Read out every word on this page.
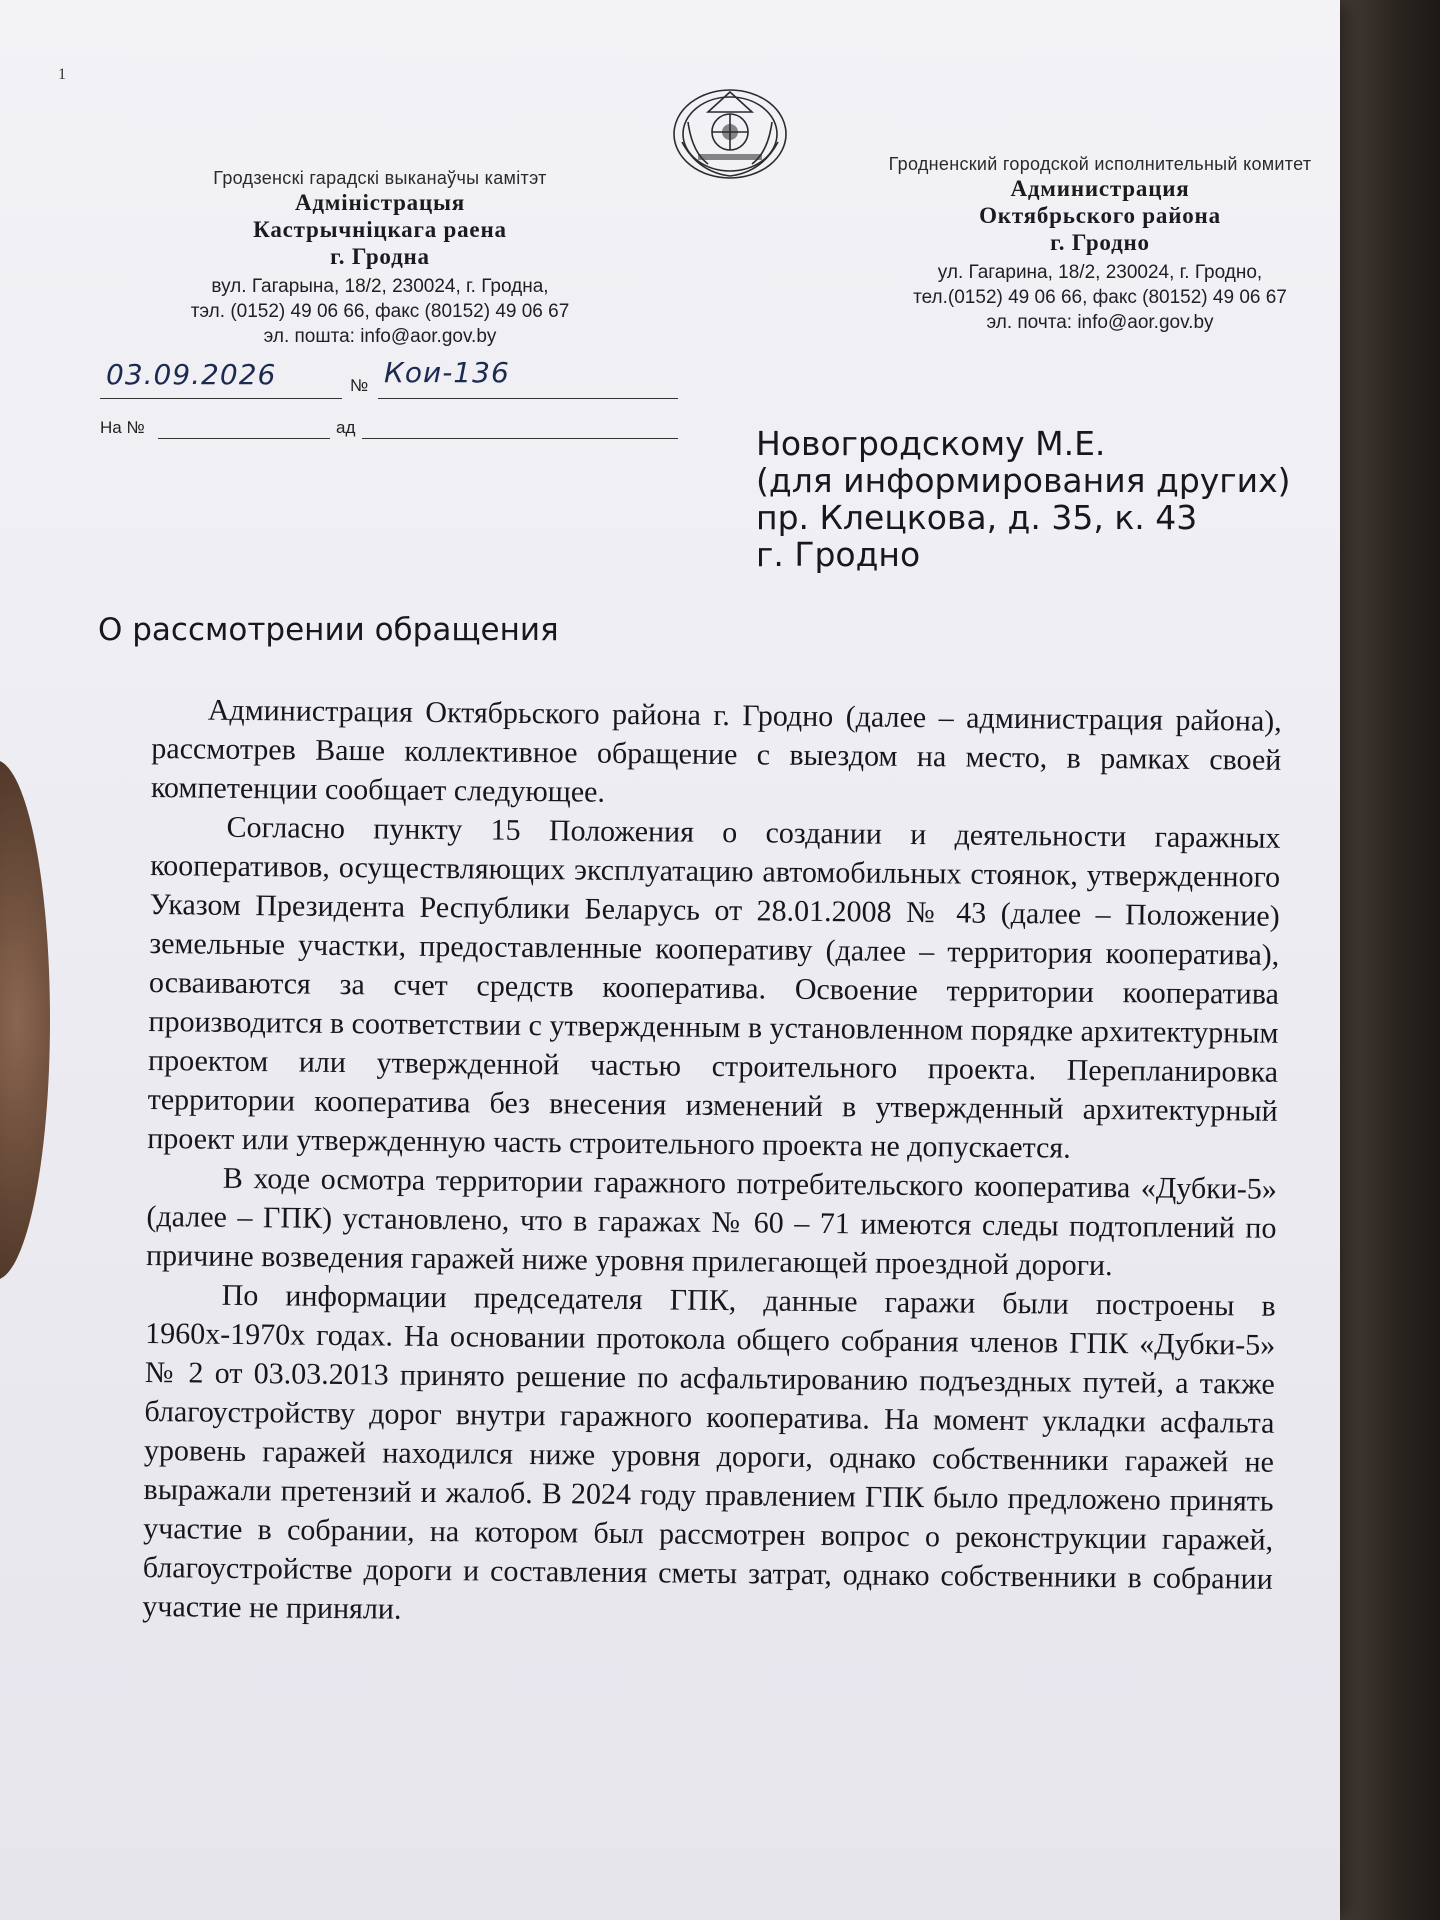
1
Гродзенскі гарадскі выканаўчы камітэт
Адміністрацыя
Кастрычніцкага раена
г. Гродна
вул. Гагарына, 18/2, 230024, г. Гродна,
тэл. (0152) 49 06 66, факс (80152) 49 06 67
эл. пошта: info@aor.gov.by
Гродненский городской исполнительный комитет
Администрация
Октябрьского района
г. Гродно
ул. Гагарина, 18/2, 230024, г. Гродно,
тел.(0152) 49 06 66, факс (80152) 49 06 67
эл. почта: info@aor.gov.by
03.09.2026	№ Кои-136
На №	ад	Новогродскому М.Е.
(для информирования других)
пр. Клецкова, д. 35, к. 43
г. Гродно
О рассмотрении обращения

Администрация Октябрьского района г. Гродно (далее – администрация района), рассмотрев Ваше коллективное обращение с выездом на место, в рамках своей компетенции сообщает следующее.

Согласно пункту 15 Положения о создании и деятельности гаражных кооперативов, осуществляющих эксплуатацию автомобильных стоянок, утвержденного Указом Президента Республики Беларусь от 28.01.2008 № 43 (далее – Положение) земельные участки, предоставленные кооперативу (далее – территория кооператива), осваиваются за счет средств кооператива. Освоение территории кооператива производится в соответствии с утвержденным в установленном порядке архитектурным проектом или утвержденной частью строительного проекта. Перепланировка территории кооператива без внесения изменений в утвержденный архитектурный проект или утвержденную часть строительного проекта не допускается.

В ходе осмотра территории гаражного потребительского кооператива «Дубки-5» (далее – ГПК) установлено, что в гаражах № 60 – 71 имеются следы подтоплений по причине возведения гаражей ниже уровня прилегающей проездной дороги.

По информации председателя ГПК, данные гаражи были построены в 1960х-1970х годах. На основании протокола общего собрания членов ГПК «Дубки-5» № 2 от 03.03.2013 принято решение по асфальтированию подъездных путей, а также благоустройству дорог внутри гаражного кооператива. На момент укладки асфальта уровень гаражей находился ниже уровня дороги, однако собственники гаражей не выражали претензий и жалоб. В 2024 году правлением ГПК было предложено принять участие в собрании, на котором был рассмотрен вопрос о реконструкции гаражей, благоустройстве дороги и составления сметы затрат, однако собственники в собрании участие не приняли.
